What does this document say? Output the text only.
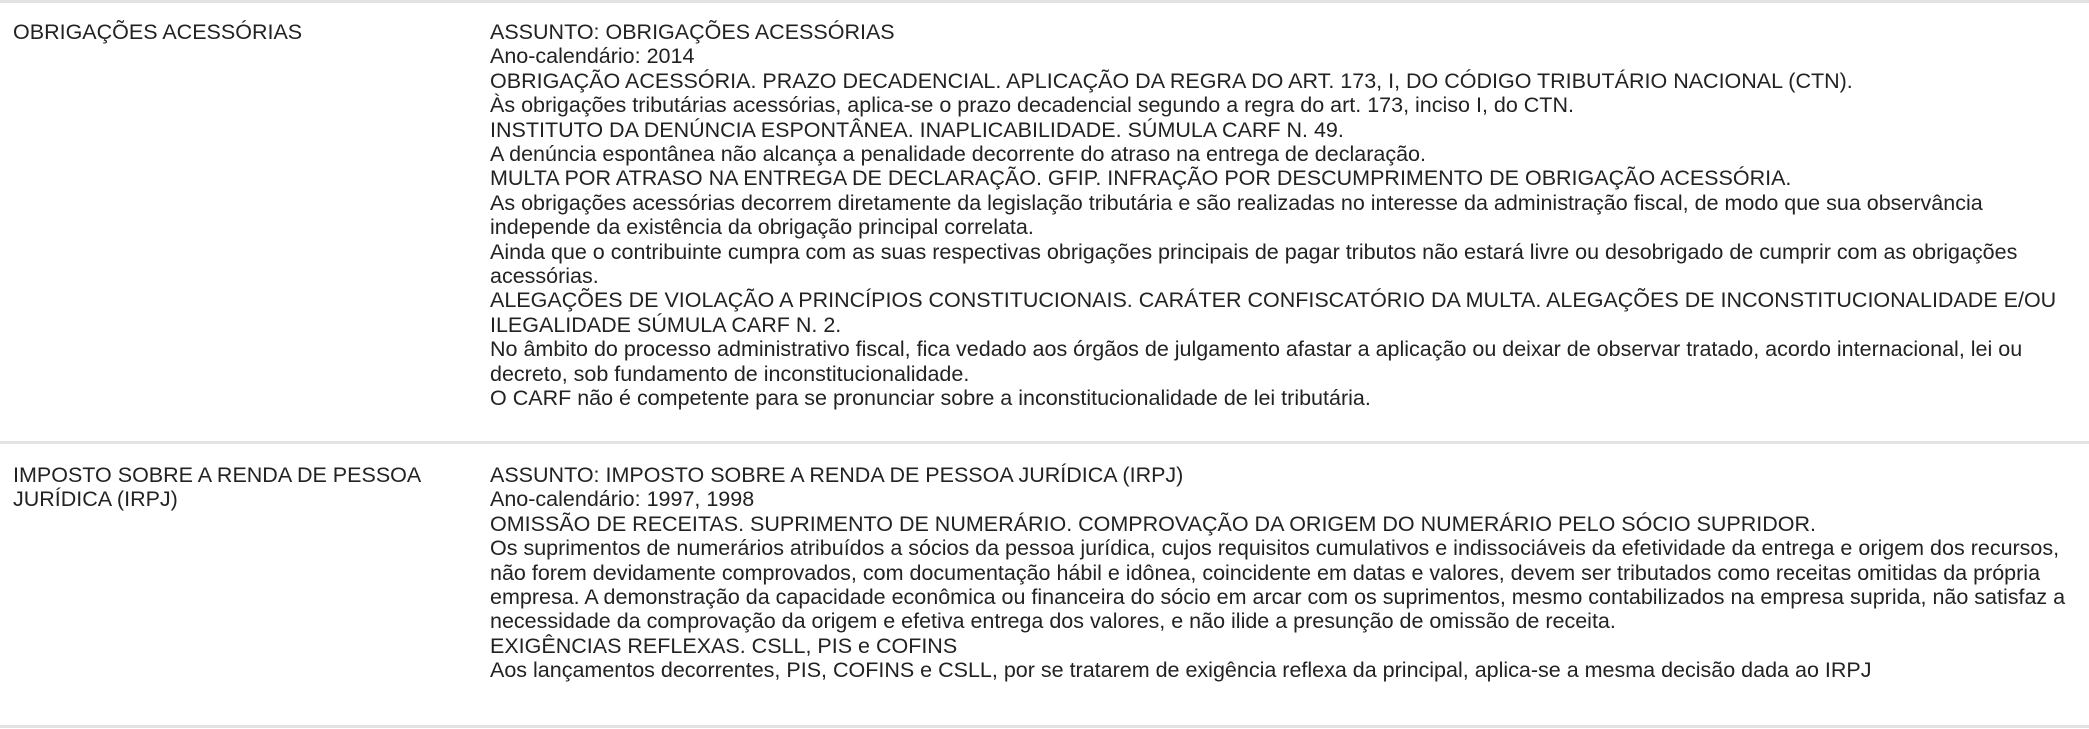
OBRIGAÇÕES ACESSÓRIAS	ASSUNTO: OBRIGAÇÕES ACESSÓRIAS
Ano-calendário: 2014
OBRIGAÇÃO ACESSÓRIA. PRAZO DECADENCIAL. APLICAÇÃO DA REGRA DO ART. 173, I, DO CÓDIGO TRIBUTÁRIO NACIONAL (CTN).
Às obrigações tributárias acessórias, aplica-se o prazo decadencial segundo a regra do art. 173, inciso I, do CTN.
INSTITUTO DA DENÚNCIA ESPONTÂNEA. INAPLICABILIDADE. SÚMULA CARF N. 49.
A denúncia espontânea não alcança a penalidade decorrente do atraso na entrega de declaração.
MULTA POR ATRASO NA ENTREGA DE DECLARAÇÃO. GFIP. INFRAÇÃO POR DESCUMPRIMENTO DE OBRIGAÇÃO ACESSÓRIA.
As obrigações acessórias decorrem diretamente da legislação tributária e são realizadas no interesse da administração fiscal, de modo que sua observância independe da existência da obrigação principal correlata.
Ainda que o contribuinte cumpra com as suas respectivas obrigações principais de pagar tributos não estará livre ou desobrigado de cumprir com as obrigações acessórias.
ALEGAÇÕES DE VIOLAÇÃO A PRINCÍPIOS CONSTITUCIONAIS. CARÁTER CONFISCATÓRIO DA MULTA. ALEGAÇÕES DE INCONSTITUCIONALIDADE E/OU ILEGALIDADE SÚMULA CARF N. 2.
No âmbito do processo administrativo fiscal, fica vedado aos órgãos de julgamento afastar a aplicação ou deixar de observar tratado, acordo internacional, lei ou decreto, sob fundamento de inconstitucionalidade.
O CARF não é competente para se pronunciar sobre a inconstitucionalidade de lei tributária.
IMPOSTO SOBRE A RENDA DE PESSOA JURÍDICA (IRPJ)
ASSUNTO: IMPOSTO SOBRE A RENDA DE PESSOA JURÍDICA (IRPJ)
Ano-calendário: 1997, 1998
OMISSÃO DE RECEITAS. SUPRIMENTO DE NUMERÁRIO. COMPROVAÇÃO DA ORIGEM DO NUMERÁRIO PELO SÓCIO SUPRIDOR.
Os suprimentos de numerários atribuídos a sócios da pessoa jurídica, cujos requisitos cumulativos e indissociáveis da efetividade da entrega e origem dos recursos, não forem devidamente comprovados, com documentação hábil e idônea, coincidente em datas e valores, devem ser tributados como receitas omitidas da própria empresa. A demonstração da capacidade econômica ou financeira do sócio em arcar com os suprimentos, mesmo contabilizados na empresa suprida, não satisfaz a necessidade da comprovação da origem e efetiva entrega dos valores, e não ilide a presunção de omissão de receita.
EXIGÊNCIAS REFLEXAS. CSLL, PIS e COFINS
Aos lançamentos decorrentes, PIS, COFINS e CSLL, por se tratarem de exigência reflexa da principal, aplica-se a mesma decisão dada ao IRPJ
